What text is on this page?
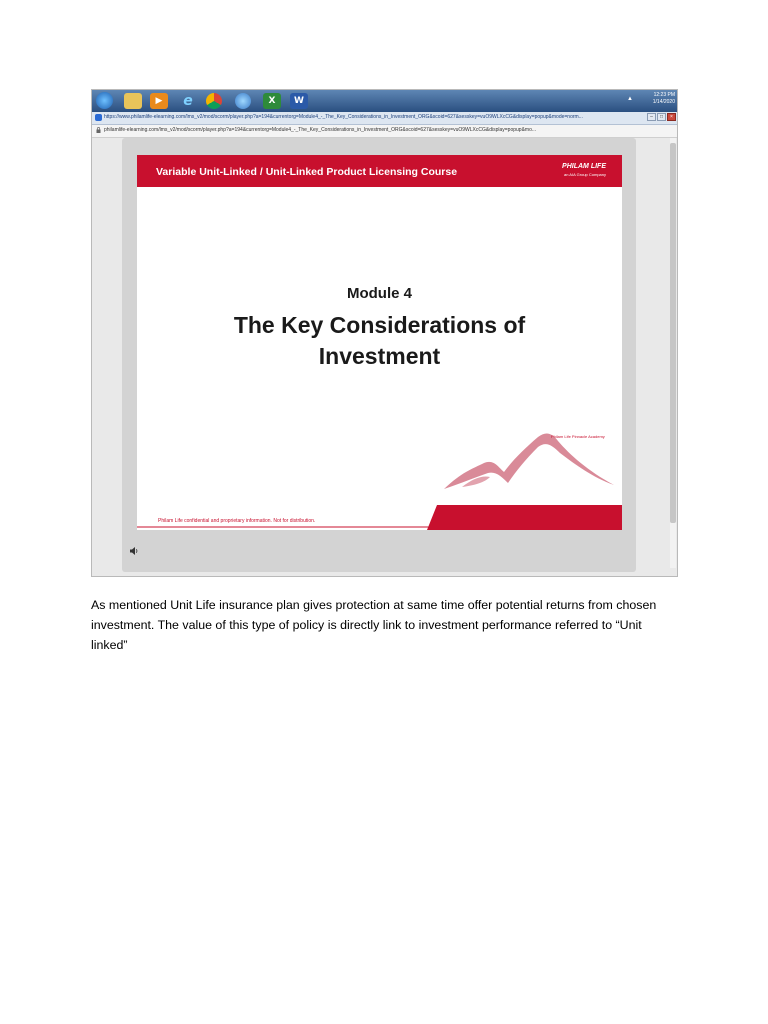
▶	e	X	W	▲
12:23 PM
1/14/2020
https://www.philamlife-elearning.com/lms_v2/mod/scorm/player.php?a=194&currentorg=Module4_-_The_Key_Considerations_in_Investment_ORG&scoid=627&sesskey=vuO9WLXcCG&display=popup&mode=norm...	–	□	×
philamlife-elearning.com/lms_v2/mod/scorm/player.php?a=194&currentorg=Module4_-_The_Key_Considerations_in_Investment_ORG&scoid=627&sesskey=vuO9WLXcCG&display=popup&mo...
Variable Unit-Linked / Unit-Linked Product Licensing Course	PHILAM LIFE
an AIA Group Company
Module 4
The Key Considerations of
Investment
Philam Life Pinnacle Academy
Philam Life confidential and proprietary information. Not for distribution.
As mentioned Unit Life insurance plan gives protection at same time offer potential returns from chosen investment. The value of this type of policy is directly link to investment performance referred to “Unit linked”
